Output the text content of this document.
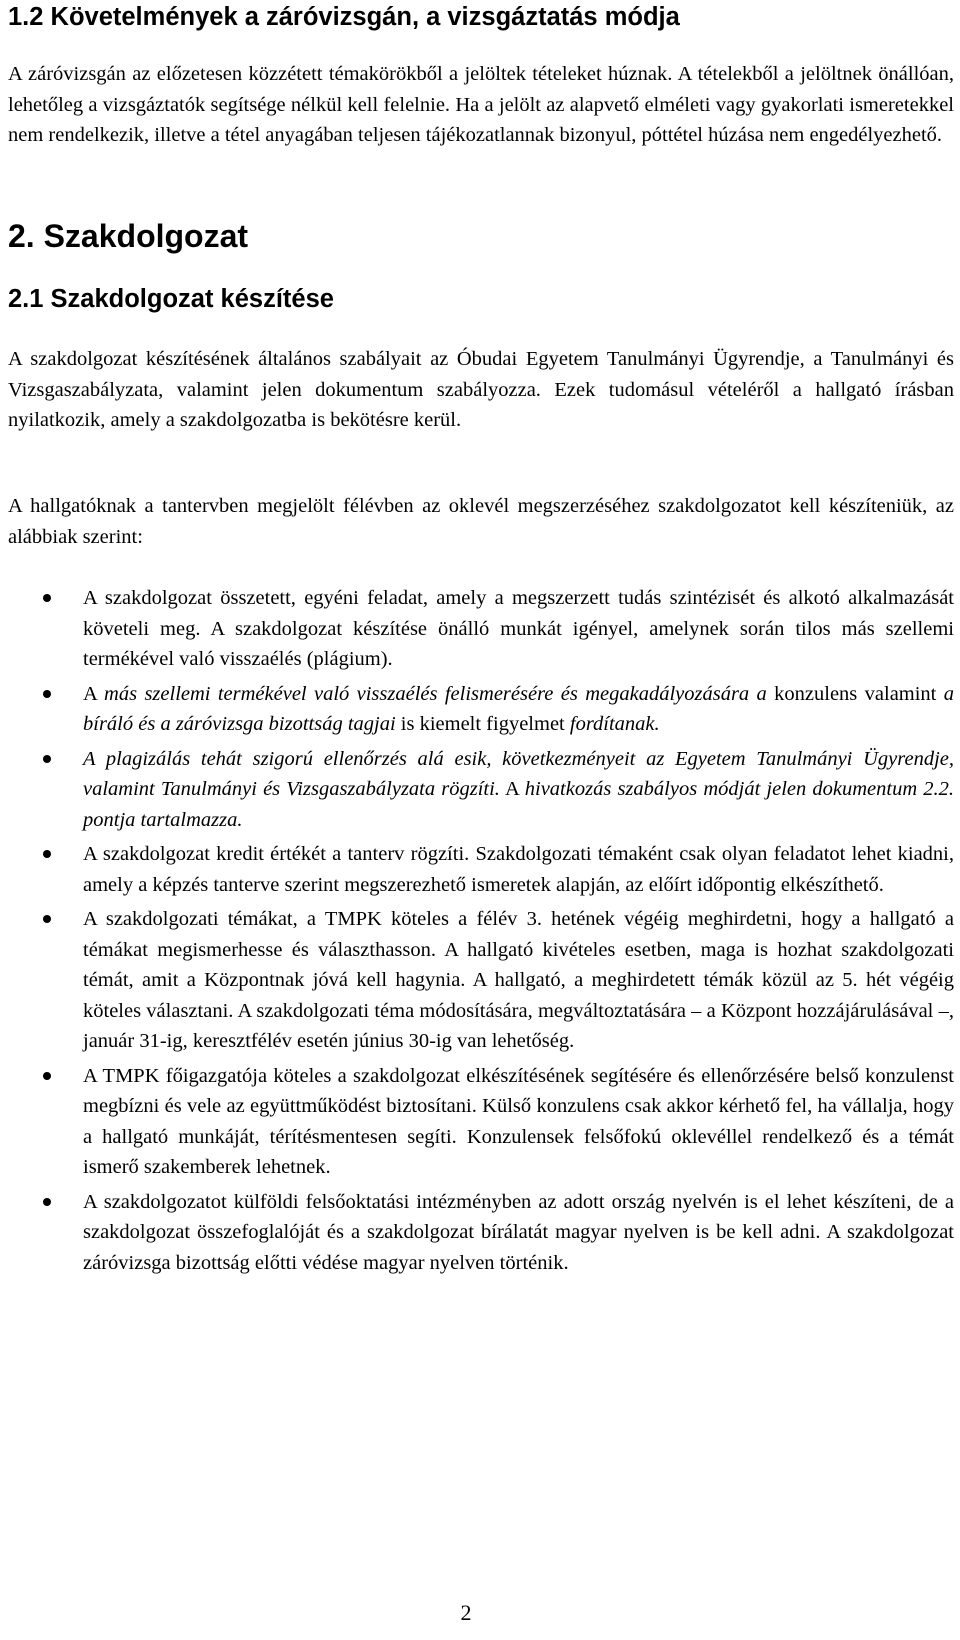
1.2 Követelmények a záróvizsgán, a vizsgáztatás módja

A záróvizsgán az előzetesen közzétett témakörökből a jelöltek tételeket húznak. A tételekből a jelöltnek önállóan, lehetőleg a vizsgáztatók segítsége nélkül kell felelnie. Ha a jelölt az alapvető elméleti vagy gyakorlati ismeretekkel nem rendelkezik, illetve a tétel anyagában teljesen tájékozatlannak bizonyul, póttétel húzása nem engedélyezhető.

2. Szakdolgozat
2.1 Szakdolgozat készítése

A szakdolgozat készítésének általános szabályait az Óbudai Egyetem Tanulmányi Ügyrendje, a Tanulmányi és Vizsgaszabályzata, valamint jelen dokumentum szabályozza. Ezek tudomásul vételéről a hallgató írásban nyilatkozik, amely a szakdolgozatba is bekötésre kerül.

A hallgatóknak a tantervben megjelölt félévben az oklevél megszerzéséhez szakdolgozatot kell készíteniük, az alábbiak szerint:

A szakdolgozat összetett, egyéni feladat, amely a megszerzett tudás szintézisét és alkotó alkalmazását követeli meg. A szakdolgozat készítése önálló munkát igényel, amelynek során tilos más szellemi termékével való visszaélés (plágium).
A más szellemi termékével való visszaélés felismerésére és megakadályozására a konzulens valamint a bíráló és a záróvizsga bizottság tagjai is kiemelt figyelmet fordítanak.
A plagizálás tehát szigorú ellenőrzés alá esik, következményeit az Egyetem Tanulmányi Ügyrendje, valamint Tanulmányi és Vizsgaszabályzata rögzíti. A hivatkozás szabályos módját jelen dokumentum 2.2. pontja tartalmazza.
A szakdolgozat kredit értékét a tanterv rögzíti. Szakdolgozati témaként csak olyan feladatot lehet kiadni, amely a képzés tanterve szerint megszerezhető ismeretek alapján, az előírt időpontig elkészíthető.
A szakdolgozati témákat, a TMPK köteles a félév 3. hetének végéig meghirdetni, hogy a hallgató a témákat megismerhesse és választhasson. A hallgató kivételes esetben, maga is hozhat szakdolgozati témát, amit a Központnak jóvá kell hagynia. A hallgató, a meghirdetett témák közül az 5. hét végéig köteles választani. A szakdolgozati téma módosítására, megváltoztatására – a Központ hozzájárulásával –, január 31-ig, keresztfélév esetén június 30-ig van lehetőség.
A TMPK főigazgatója köteles a szakdolgozat elkészítésének segítésére és ellenőrzésére belső konzulenst megbízni és vele az együttműködést biztosítani. Külső konzulens csak akkor kérhető fel, ha vállalja, hogy a hallgató munkáját, térítésmentesen segíti. Konzulensek felsőfokú oklevéllel rendelkező és a témát ismerő szakemberek lehetnek.
A szakdolgozatot külföldi felsőoktatási intézményben az adott ország nyelvén is el lehet készíteni, de a szakdolgozat összefoglalóját és a szakdolgozat bírálatát magyar nyelven is be kell adni. A szakdolgozat záróvizsga bizottság előtti védése magyar nyelven történik.
2
